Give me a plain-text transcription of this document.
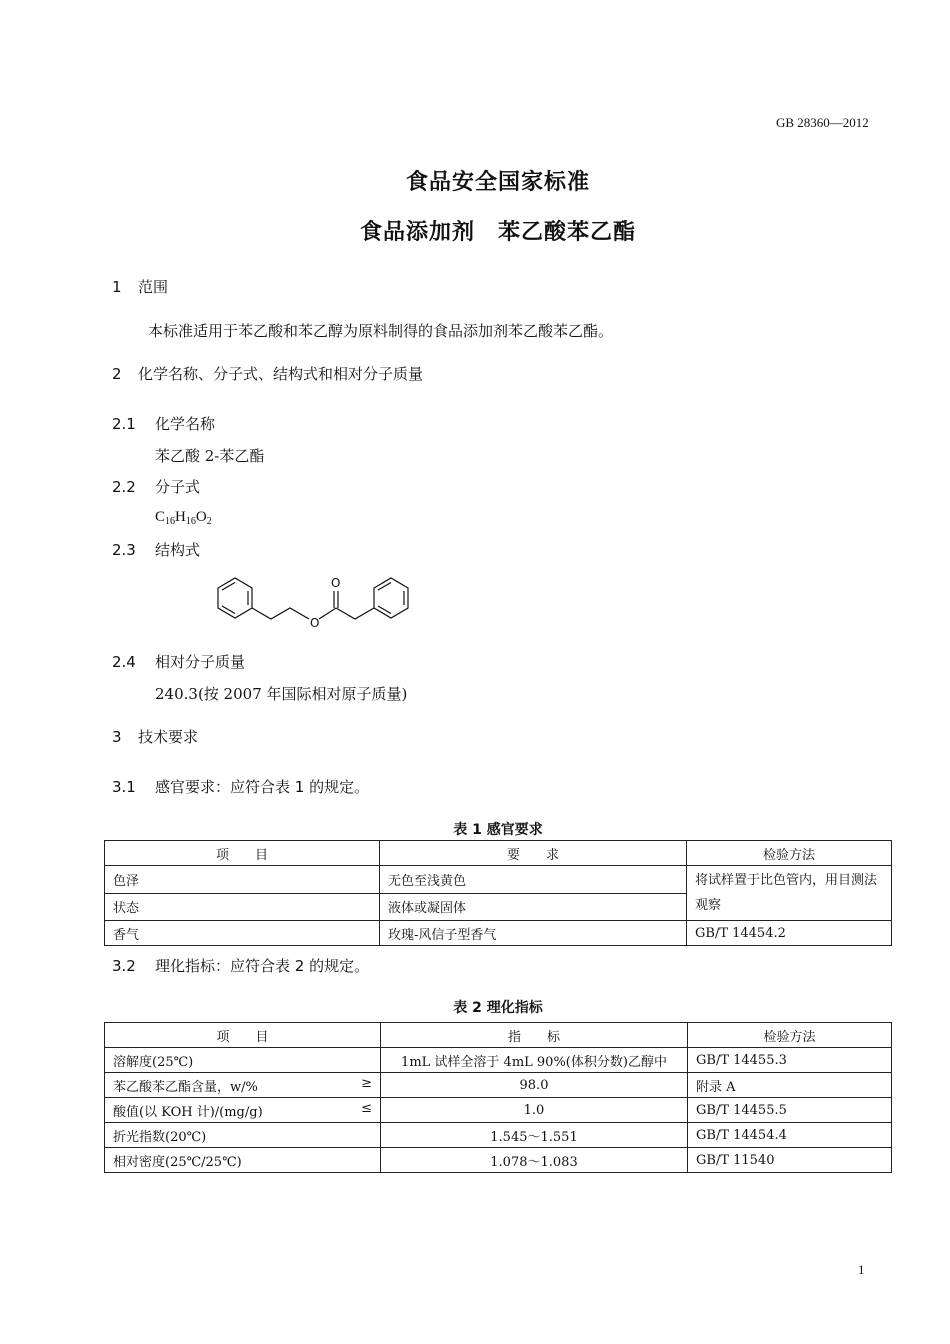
GB 28360—2012
食品安全国家标准
食品添加剂　苯乙酸苯乙酯
1 范围
本标准适用于苯乙酸和苯乙醇为原料制得的食品添加剂苯乙酸苯乙酯。
2 化学名称、分子式、结构式和相对分子质量
2.1 化学名称
苯乙酸 2-苯乙酯
2.2 分子式
$C_{16}H_{16}O_2$
2.3 结构式
O
O
2.4 相对分子质量
240.3(按 2007 年国际相对原子质量)
3 技术要求
3.1 感官要求：应符合表 1 的规定。
表 1 感官要求
项　　目	要　　求	检验方法
色泽	无色至浅黄色	将试样置于比色管内，用目测法观察
状态	液体或凝固体	
香气	玫瑰-风信子型香气	GB/T 14454.2
3.2 理化指标：应符合表 2 的规定。
表 2 理化指标
项　　目	指　　标	检验方法
溶解度(25℃)	1mL 试样全溶于 4mL 90%(体积分数)乙醇中	GB/T 14455.3
苯乙酸苯乙酯含量，w/% ≥	98.0	附录 A
酸值(以 KOH 计)/(mg/g) ≤	1.0	GB/T 14455.5
折光指数(20℃)	1.545～1.551	GB/T 14454.4
相对密度(25℃/25℃)	1.078～1.083	GB/T 11540
1
